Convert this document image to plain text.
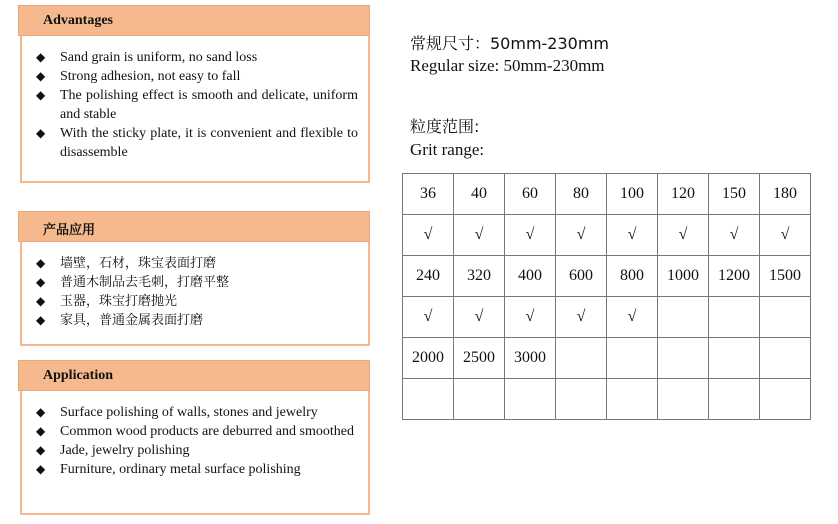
Advantages
◆ Sand grain is uniform, no sand loss
◆ Strong adhesion, not easy to fall
◆ The polishing effect is smooth and delicate, uniform and stable
◆ With the sticky plate, it is convenient and flexible to disassemble
产品应用
◆ 墙壁，石材，珠宝表面打磨
◆ 普通木制品去毛刺，打磨平整
◆ 玉器，珠宝打磨抛光
◆ 家具，普通金属表面打磨
Application
◆ Surface polishing of walls, stones and jewelry
◆ Common wood products are deburred and smoothed
◆ Jade, jewelry polishing
◆ Furniture, ordinary metal surface polishing
常规尺寸：50mm-230mm
Regular size: 50mm-230mm
粒度范围:
Grit range:
36	40	60	80	100	120	150	180
√	√	√	√	√	√	√	√
240	320	400	600	800	1000	1200	1500
√	√	√	√	√			
2000	2500	3000					
